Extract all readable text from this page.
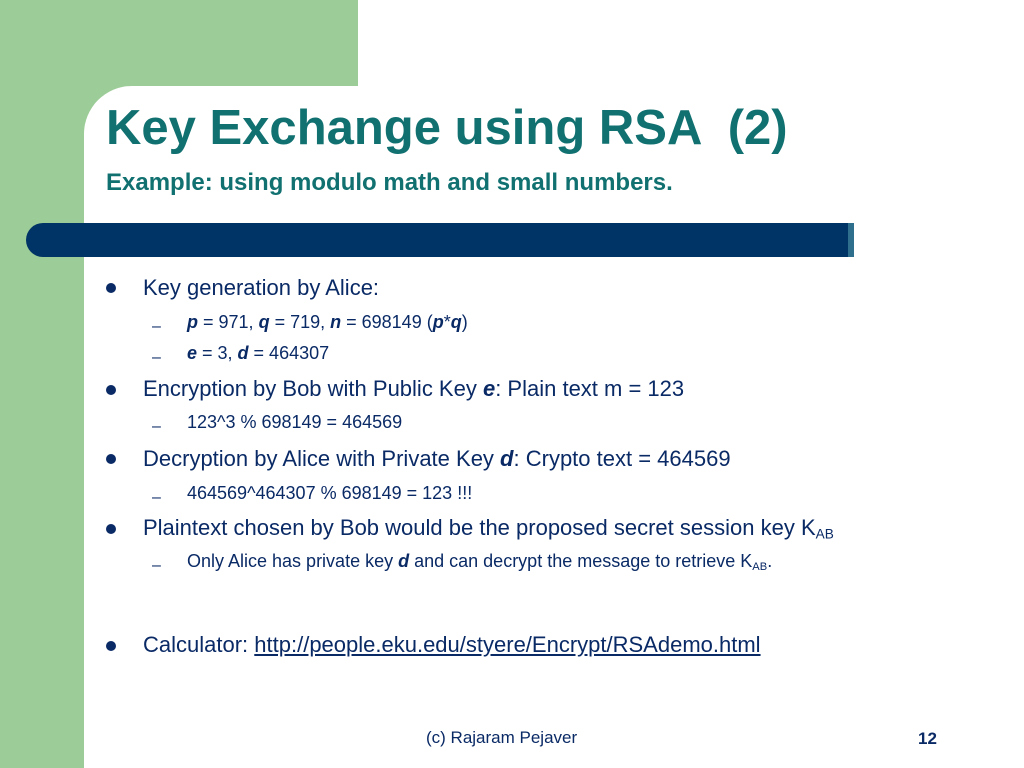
Key Exchange using RSA  (2)
Example: using modulo math and small numbers.
Key generation by Alice:
– p = 971, q = 719, n = 698149 (p*q)
– e = 3, d = 464307
Encryption by Bob with Public Key e: Plain text m = 123
– 123^3 % 698149 = 464569
Decryption by Alice with Private Key d: Crypto text = 464569
– 464569^464307 % 698149 = 123 !!!
Plaintext chosen by Bob would be the proposed secret session key $K_{AB}$
– Only Alice has private key d and can decrypt the message to retrieve $K_{AB}$.
Calculator: http://people.eku.edu/styere/Encrypt/RSAdemo.html
(c) Rajaram Pejaver	12
